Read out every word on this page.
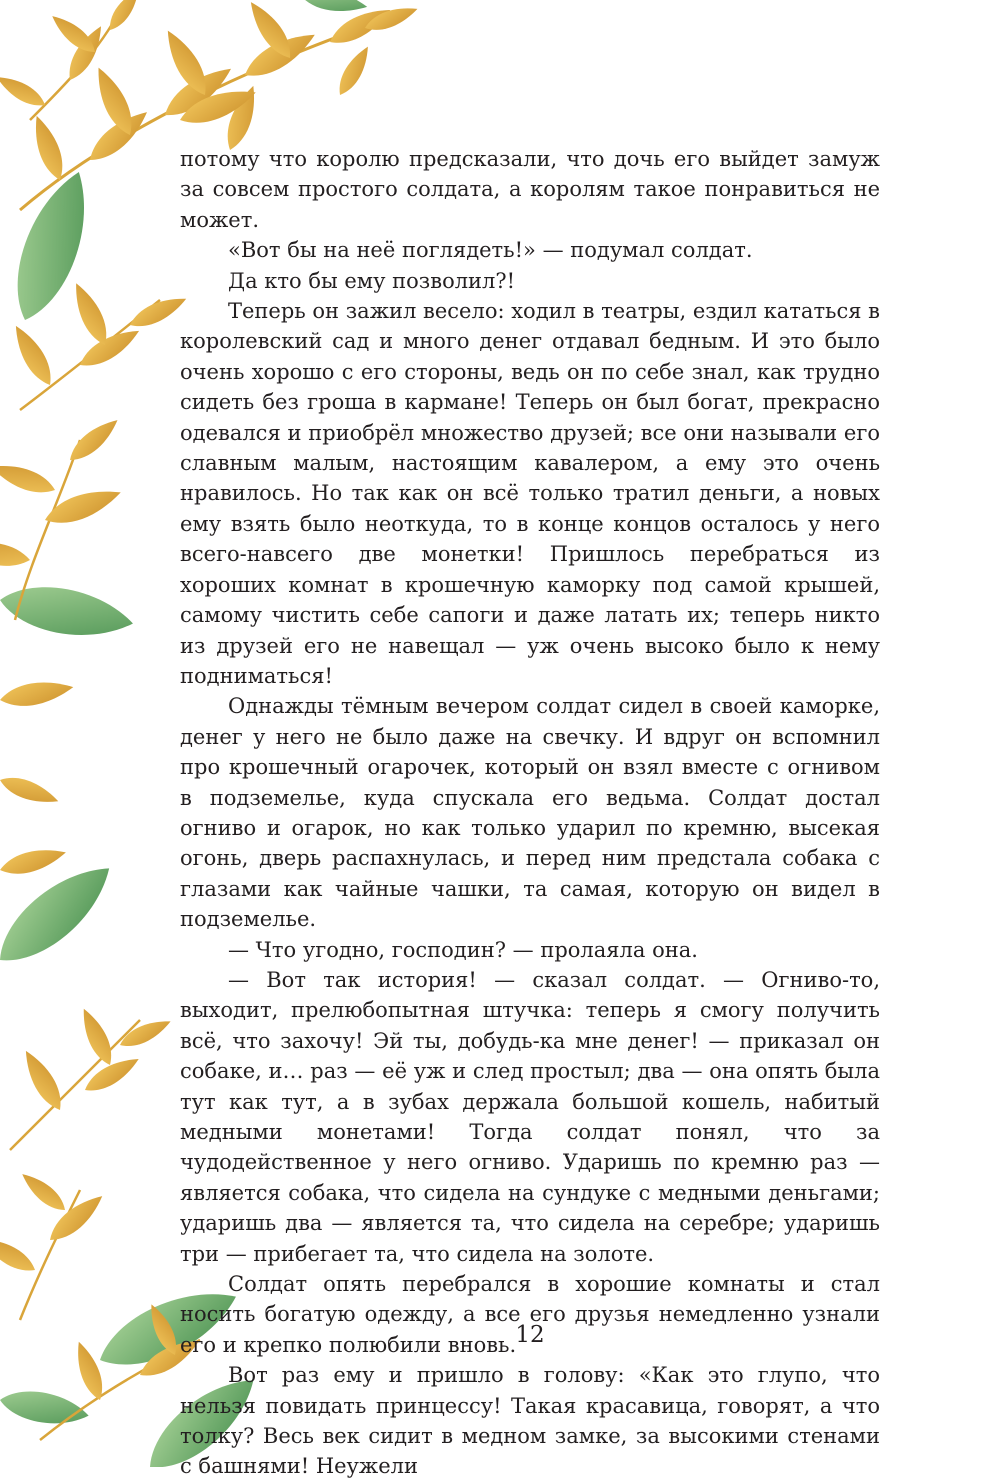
потому что королю предсказали, что дочь его выйдет замуж за совсем простого солдата, а королям такое понравиться не может.

«Вот бы на неё поглядеть!» — подумал солдат.

Да кто бы ему позволил?!

Теперь он зажил весело: ходил в театры, ездил кататься в королевский сад и много денег отдавал бедным. И это было очень хорошо с его стороны, ведь он по себе знал, как трудно сидеть без гроша в кармане! Теперь он был богат, прекрасно одевался и приобрёл множество друзей; все они называли его славным малым, настоящим кавалером, а ему это очень нравилось. Но так как он всё только тратил деньги, а новых ему взять было неоткуда, то в конце концов осталось у него всего-навсего две монетки! Пришлось перебраться из хороших комнат в крошечную каморку под самой крышей, самому чистить себе сапоги и даже латать их; теперь никто из друзей его не навещал — уж очень высоко было к нему подниматься!

Однажды тёмным вечером солдат сидел в своей каморке, денег у него не было даже на свечку. И вдруг он вспомнил про крошечный огарочек, который он взял вместе с огнивом в подземелье, куда спускала его ведьма. Солдат достал огниво и огарок, но как только ударил по кремню, высекая огонь, дверь распахнулась, и перед ним предстала собака с глазами как чайные чашки, та самая, которую он видел в подземелье.

— Что угодно, господин? — пролаяла она.

— Вот так история! — сказал солдат. — Огниво-то, выходит, прелюбопытная штучка: теперь я смогу получить всё, что захочу! Эй ты, добудь-ка мне денег! — приказал он собаке, и… раз — её уж и след простыл; два — она опять была тут как тут, а в зубах держала большой кошель, набитый медными монетами! Тогда солдат понял, что за чудодейственное у него огниво. Ударишь по кремню раз — является собака, что сидела на сундуке с медными деньгами; ударишь два — является та, что сидела на серебре; ударишь три — прибегает та, что сидела на золоте.

Солдат опять перебрался в хорошие комнаты и стал носить богатую одежду, а все его друзья немедленно узнали его и крепко полюбили вновь.

Вот раз ему и пришло в голову: «Как это глупо, что нельзя повидать принцессу! Такая красавица, говорят, а что толку? Весь век сидит в медном замке, за высокими стенами с башнями! Неужели

12
